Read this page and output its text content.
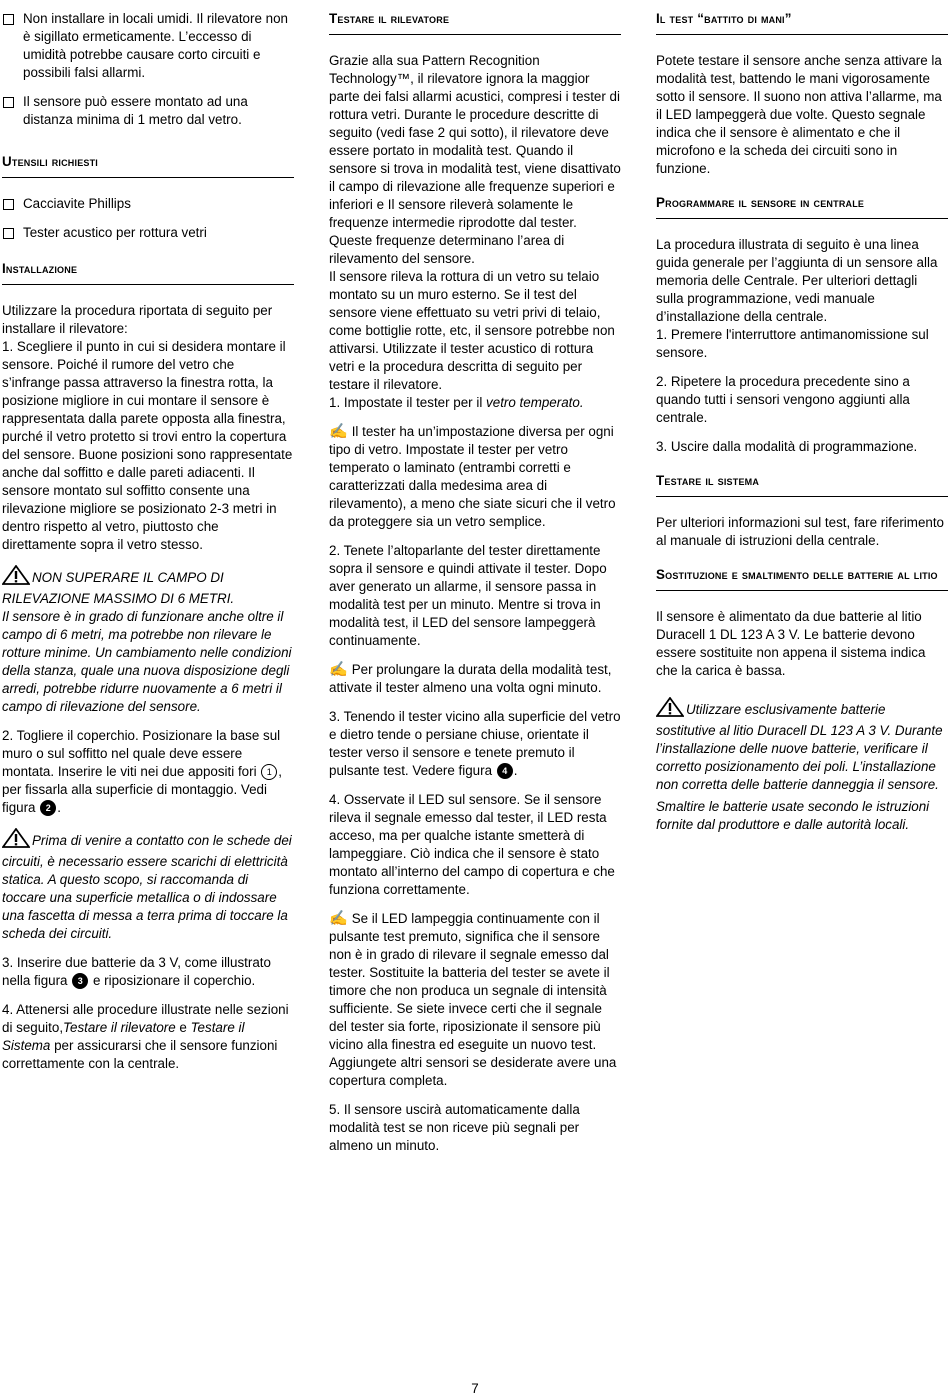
Non installare in locali umidi. Il rilevatore non è sigillato ermeticamente. L’eccesso di umidità potrebbe causare corto circuiti e possibili falsi allarmi.

Il sensore può essere montato ad una distanza minima di 1 metro dal vetro.

Utensili richiesti

Cacciavite Phillips

Tester acustico per rottura vetri

Installazione

Utilizzare la procedura riportata di seguito per installare il rilevatore:

1. Scegliere il punto in cui si desidera montare il sensore. Poiché il rumore del vetro che s’infrange passa attraverso la finestra rotta, la posizione migliore in cui montare il sensore è rappresentata dalla parete opposta alla finestra, purché il vetro protetto si trovi entro la copertura del sensore. Buone posizioni sono rappresentate anche dal soffitto e dalle pareti adiacenti. Il sensore montato sul soffitto consente una rilevazione migliore se posizionato 2-3 metri in dentro rispetto al vetro, piuttosto che direttamente sopra il vetro stesso.

NON SUPERARE IL CAMPO DI RILEVAZIONE MASSIMO DI 6 METRI.
Il sensore è in grado di funzionare anche oltre il campo di 6 metri, ma potrebbe non rilevare le rotture minime. Un cambiamento nelle condizioni della stanza, quale una nuova disposizione degli arredi, potrebbe ridurre nuovamente a 6 metri il campo di rilevazione del sensore.

2. Togliere il coperchio. Posizionare la base sul muro o sul soffitto nel quale deve essere montata. Inserire le viti nei due appositi fori 1 , per fissarla alla superficie di montaggio. Vedi figura 2 .

Prima di venire a contatto con le schede dei circuiti, è necessario essere scarichi di elettricità statica. A questo scopo, si raccomanda di toccare una superficie metallica o di indossare una fascetta di messa a terra prima di toccare la scheda dei circuiti.

3. Inserire due batterie da 3 V, come illustrato nella figura 3 e riposizionare il coperchio.

4. Attenersi alle procedure illustrate nelle sezioni di seguito,Testare il rilevatore e Testare il Sistema per assicurarsi che il sensore funzioni correttamente con la centrale.

Testare il rilevatore

Grazie alla sua Pattern Recognition Technology™, il rilevatore ignora la maggior parte dei falsi allarmi acustici, compresi i tester di rottura vetri. Durante le procedure descritte di seguito (vedi fase 2 qui sotto), il rilevatore deve essere portato in modalità test. Quando il sensore si trova in modalità test, viene disattivato il campo di rilevazione alle frequenze superiori e inferiori e Il sensore rileverà solamente le frequenze intermedie riprodotte dal tester. Queste frequenze determinano l’area di rilevamento del sensore.

Il sensore rileva la rottura di un vetro su telaio montato su un muro esterno. Se il test del sensore viene effettuato su vetri privi di telaio, come bottiglie rotte, etc, il sensore potrebbe non attivarsi. Utilizzate il tester acustico di rottura vetri e la procedura descritta di seguito per testare il rilevatore.

1. Impostate il tester per il vetro temperato.

✍ Il tester ha un’impostazione diversa per ogni tipo di vetro. Impostate il tester per vetro temperato o laminato (entrambi corretti e caratterizzati dalla medesima area di rilevamento), a meno che siate sicuri che il vetro da proteggere sia un vetro semplice.

2. Tenete l’altoparlante del tester direttamente sopra il sensore e quindi attivate il tester. Dopo aver generato un allarme, il sensore passa in modalità test per un minuto. Mentre si trova in modalità test, il LED del sensore lampeggerà continuamente.

✍ Per prolungare la durata della modalità test, attivate il tester almeno una volta ogni minuto.

3. Tenendo il tester vicino alla superficie del vetro e dietro tende o persiane chiuse, orientate il tester verso il sensore e tenete premuto il pulsante test. Vedere figura 4 .

4. Osservate il LED sul sensore. Se il sensore rileva il segnale emesso dal tester, il LED resta acceso, ma per qualche istante smetterà di lampeggiare. Ciò indica che il sensore è stato montato all’interno del campo di copertura e che funziona correttamente.

✍ Se il LED lampeggia continuamente con il pulsante test premuto, significa che il sensore non è in grado di rilevare il segnale emesso dal tester. Sostituite la batteria del tester se avete il timore che non produca un segnale di intensità sufficiente. Se siete invece certi che il segnale del tester sia forte, riposizionate il sensore più vicino alla finestra ed eseguite un nuovo test. Aggiungete altri sensori se desiderate avere una copertura completa.

5. Il sensore uscirà automaticamente dalla modalità test se non riceve più segnali per almeno un minuto.

Il test “battito di mani”

Potete testare il sensore anche senza attivare la modalità test, battendo le mani vigorosamente sotto il sensore. Il suono non attiva l’allarme, ma il LED lampeggerà due volte. Questo segnale indica che il sensore è alimentato e che il microfono e la scheda dei circuiti sono in funzione.

Programmare il sensore in centrale

La procedura illustrata di seguito è una linea guida generale per l’aggiunta di un sensore alla memoria delle Centrale. Per ulteriori dettagli sulla programmazione, vedi manuale d’installazione della centrale.

1. Premere l'interruttore antimanomissione sul sensore.

2. Ripetere la procedura precedente sino a quando tutti i sensori vengono aggiunti alla centrale.

3. Uscire dalla modalità di programmazione.

Testare il sistema

Per ulteriori informazioni sul test, fare riferimento al manuale di istruzioni della centrale.

Sostituzione e smaltimento delle batterie al litio

Il sensore è alimentato da due batterie al litio Duracell 1 DL 123 A 3 V. Le batterie devono essere sostituite non appena il sistema indica che la carica è bassa.

Utilizzare esclusivamente batterie sostitutive al litio Duracell DL 123 A 3 V. Durante l’installazione delle nuove batterie, verificare il corretto posizionamento dei poli. L’installazione non corretta delle batterie danneggia il sensore.

Smaltire le batterie usate secondo le istruzioni fornite dal produttore e dalle autorità locali.

7
